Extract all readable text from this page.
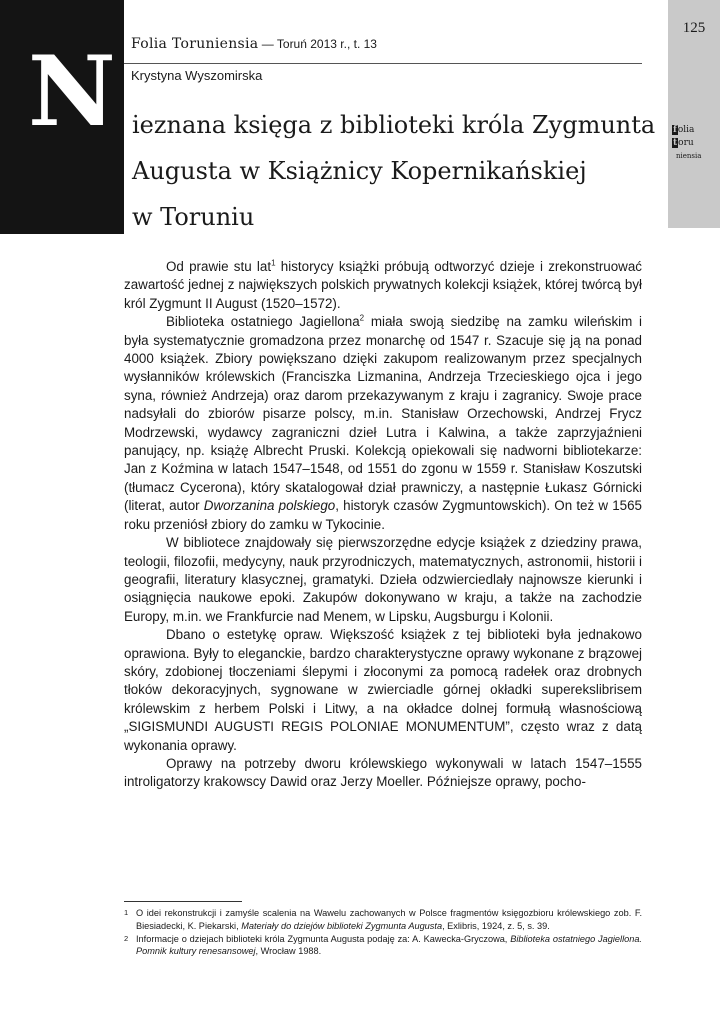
N
125
folia
toru
niensia
Folia Toruniensia — Toruń 2013 r., t. 13
Krystyna Wyszomirska
ieznana księga z biblioteki króla Zygmunta
Augusta w Książnicy Kopernikańskiej
w Toruniu

Od prawie stu lat$^1$ historycy książki próbują odtworzyć dzieje i zrekonstruować zawartość jednej z największych polskich prywatnych kolekcji książek, której twórcą był król Zygmunt II August (1520–1572).

Biblioteka ostatniego Jagiellona$^2$ miała swoją siedzibę na zamku wileńskim i była systematycznie gromadzona przez monarchę od 1547 r. Szacuje się ją na ponad 4000 książek. Zbiory powiększano dzięki zakupom realizowanym przez specjalnych wysłanników królewskich (Franciszka Lizmanina, Andrzeja Trzecieskiego ojca i jego syna, również Andrzeja) oraz darom przekazywanym z kraju i zagranicy. Swoje prace nadsyłali do zbiorów pisarze polscy, m.in. Stanisław Orzechowski, Andrzej Frycz Modrzewski, wydawcy zagraniczni dzieł Lutra i Kalwina, a także zaprzyjaźnieni panujący, np. książę Albrecht Pruski. Kolekcją opiekowali się nadworni bibliotekarze: Jan z Koźmina w latach 1547–1548, od 1551 do zgonu w 1559 r. Stanisław Koszutski (tłumacz Cycerona), który skatalogował dział prawniczy, a następnie Łukasz Górnicki (literat, autor Dworzanina polskiego, historyk czasów Zygmuntowskich). On też w 1565 roku przeniósł zbiory do zamku w Tykocinie.

W bibliotece znajdowały się pierwszorzędne edycje książek z dziedziny prawa, teologii, filozofii, medycyny, nauk przyrodniczych, matematycznych, astronomii, historii i geografii, literatury klasycznej, gramatyki. Dzieła odzwierciedlały najnowsze kierunki i osiągnięcia naukowe epoki. Zakupów dokonywano w kraju, a także na zachodzie Europy, m.in. we Frankfurcie nad Menem, w Lipsku, Augsburgu i Kolonii.

Dbano o estetykę opraw. Większość książek z tej biblioteki była jednakowo oprawiona. Były to eleganckie, bardzo charakterystyczne oprawy wykonane z brązowej skóry, zdobionej tłoczeniami ślepymi i złoconymi za pomocą radełek oraz drobnych tłoków dekoracyjnych, sygnowane w zwierciadle górnej okładki superekslibrisem królewskim z herbem Polski i Litwy, a na okładce dolnej formułą własnościową „SIGISMUNDI AUGUSTI REGIS POLONIAE MONUMENTUM”, często wraz z datą wykonania oprawy.

Oprawy na potrzeby dworu królewskiego wykonywali w latach 1547–1555 introligatorzy krakowscy Dawid oraz Jerzy Moeller. Późniejsze oprawy, pocho-

1 O idei rekonstrukcji i zamyśle scalenia na Wawelu zachowanych w Polsce fragmentów księgozbioru królewskiego zob. F. Biesiadecki, K. Piekarski, Materiały do dziejów biblioteki Zygmunta Augusta, Exlibris, 1924, z. 5, s. 39.
2 Informacje o dziejach biblioteki króla Zygmunta Augusta podaję za: A. Kawecka-Gryczowa, Biblioteka ostatniego Jagiellona. Pomnik kultury renesansowej, Wrocław 1988.
